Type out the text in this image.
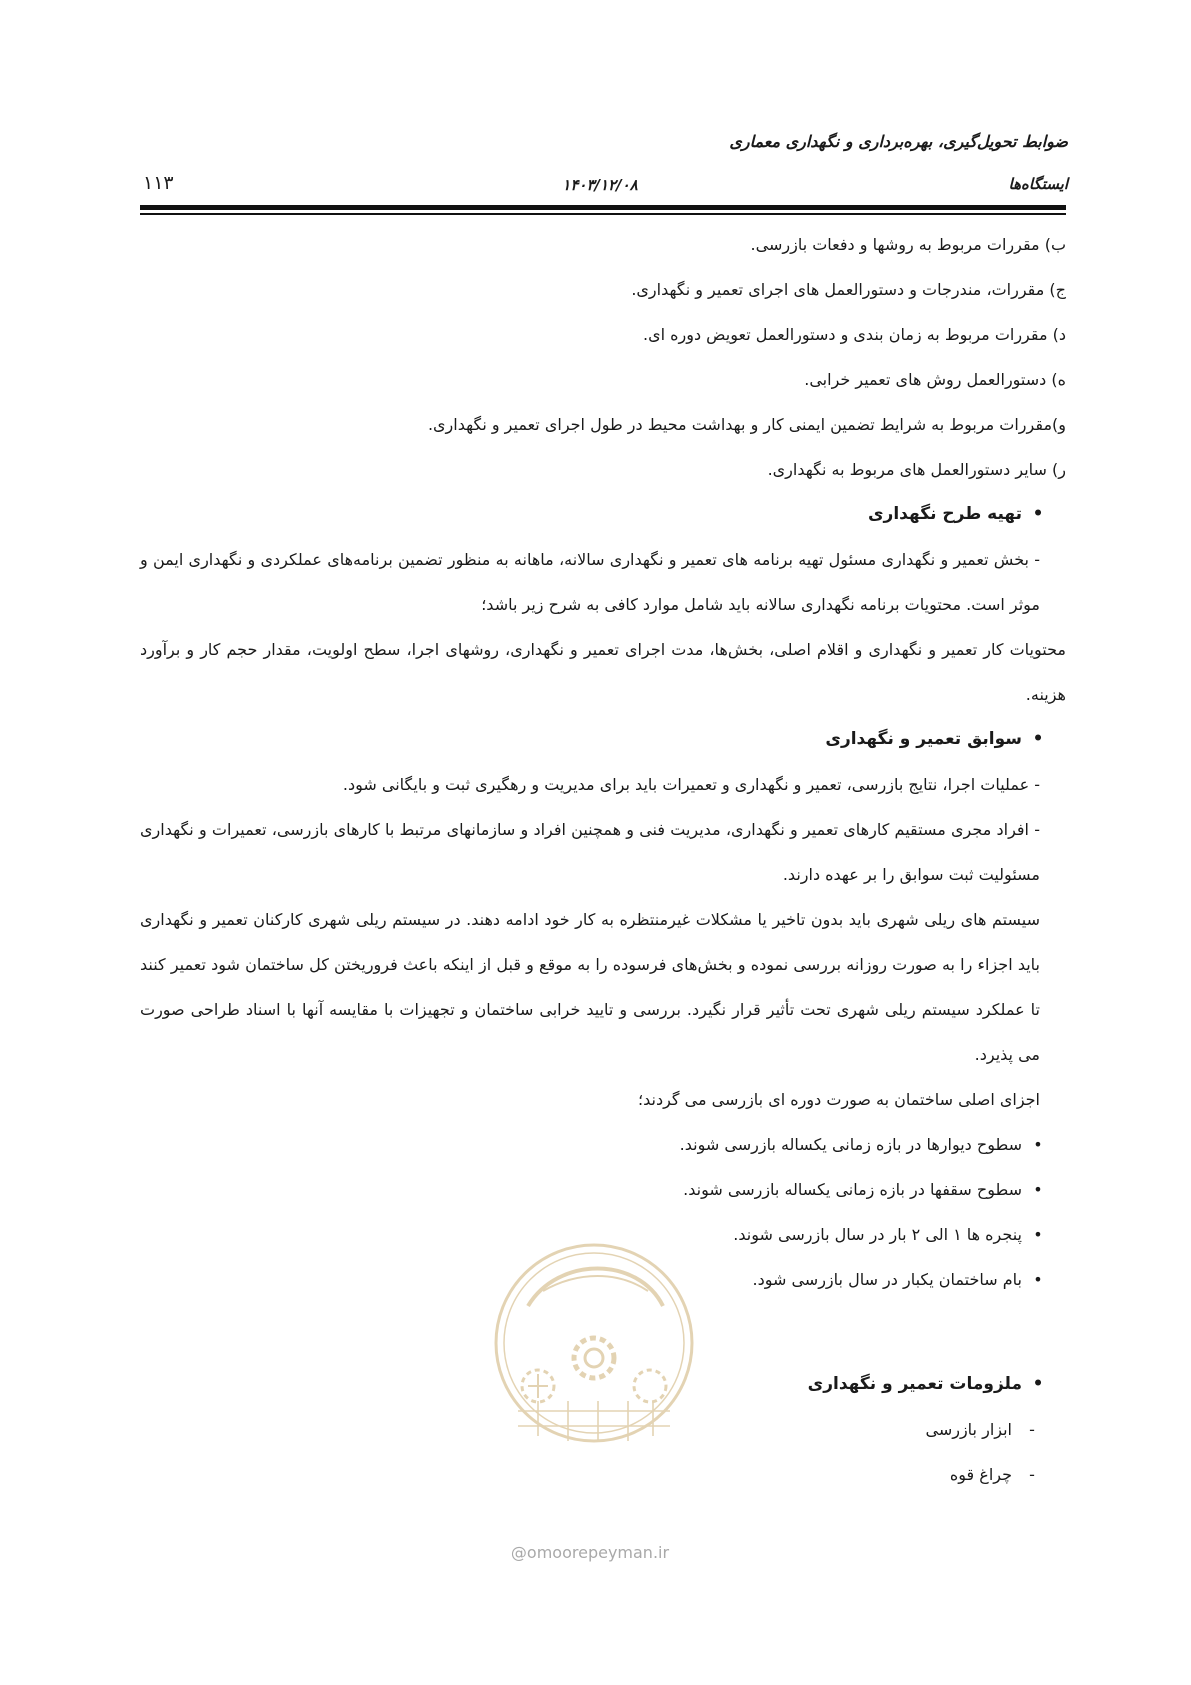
ضوابط تحویل‌گیری، بهره‌برداری و نگهداری معماری
ایستگاه‌ها
۱۴۰۳/۱۲/۰۸
۱۱۳

ب) مقررات مربوط به روشها و دفعات بازرسی.

ج) مقررات، مندرجات و دستورالعمل های اجرای تعمیر و نگهداری.

د) مقررات مربوط به زمان بندی و دستورالعمل تعویض دوره ای.

ه) دستورالعمل روش های تعمیر خرابی.

و)مقررات مربوط به شرایط تضمین ایمنی کار و بهداشت محیط در طول اجرای تعمیر و نگهداری.

ر) سایر دستورالعمل های مربوط به نگهداری.

•تهیه طرح نگهداری

- بخش تعمیر و نگهداری مسئول تهیه برنامه های تعمیر و نگهداری سالانه، ماهانه به منظور تضمین برنامه‌های عملکردی و نگهداری ایمن و موثر است. محتویات برنامه نگهداری سالانه باید شامل موارد کافی به شرح زیر باشد؛

محتویات کار تعمیر و نگهداری و اقلام اصلی، بخش‌ها، مدت اجرای تعمیر و نگهداری، روشهای اجرا، سطح اولویت، مقدار حجم کار و برآورد هزینه.

•سوابق تعمیر و نگهداری

- عملیات اجرا، نتایج بازرسی، تعمیر و نگهداری و تعمیرات باید برای مدیریت و رهگیری ثبت و بایگانی شود.

- افراد مجری مستقیم کارهای تعمیر و نگهداری، مدیریت فنی و همچنین افراد و سازمانهای مرتبط با کارهای بازرسی، تعمیرات و نگهداری مسئولیت ثبت سوابق را بر عهده دارند.

سیستم های ریلی شهری باید بدون تاخیر یا مشکلات غیرمنتظره به کار خود ادامه دهند. در سیستم ریلی شهری کارکنان تعمیر و نگهداری باید اجزاء را به صورت روزانه بررسی نموده و بخش‌های فرسوده را به موقع و قبل از اینکه باعث فروریختن کل ساختمان شود تعمیر کنند تا عملکرد سیستم ریلی شهری تحت تأثیر قرار نگیرد. بررسی و تایید خرابی ساختمان و تجهیزات با مقایسه آنها با اسناد طراحی صورت می پذیرد.

اجزای اصلی ساختمان به صورت دوره ای بازرسی می گردند؛

•سطوح دیوارها در بازه زمانی یکساله بازرسی شوند.

•سطوح سقفها در بازه زمانی یکساله بازرسی شوند.

•پنجره ها ۱ الی ۲ بار در سال بازرسی شوند.

•بام ساختمان یکبار در سال بازرسی شود.

•ملزومات تعمیر و نگهداری

-ابزار بازرسی

-چراغ قوه

@omoorepeyman.ir
